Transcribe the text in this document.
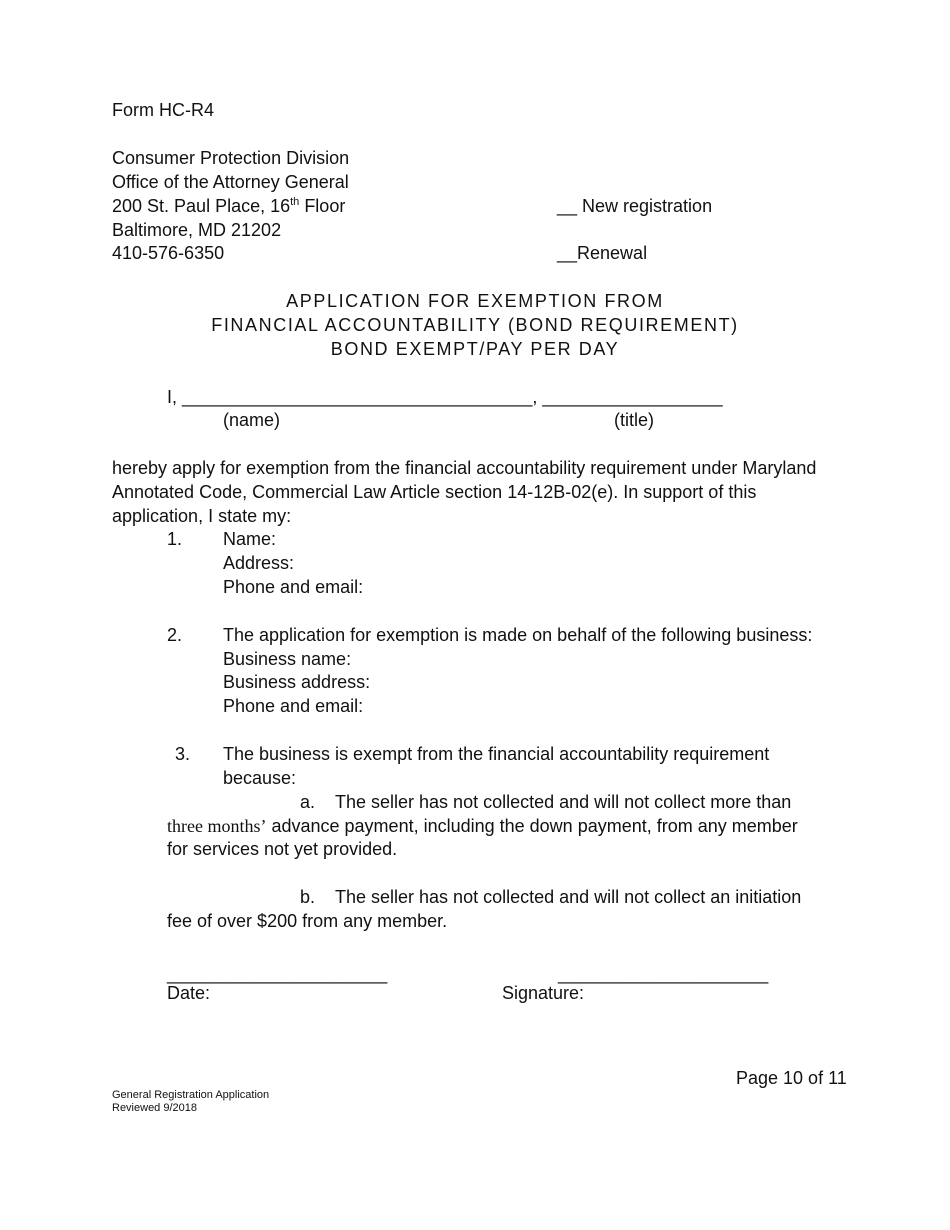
Form HC-R4
Consumer Protection Division
Office of the Attorney General
200 St. Paul Place, 16th Floor
Baltimore, MD 21202
410-576-6350
__ New registration
__Renewal
APPLICATION FOR EXEMPTION FROM
FINANCIAL ACCOUNTABILITY (BOND REQUIREMENT)
BOND EXEMPT/PAY PER DAY
I, ___________________________________, __________________
(name)	(title)
hereby apply for exemption from the financial accountability requirement under Maryland
Annotated Code, Commercial Law Article section 14-12B-02(e). In support of this
application, I state my:
1. Name:
Address:
Phone and email:
2. The application for exemption is made on behalf of the following business:
Business name:
Business address:
Phone and email:
3. The business is exempt from the financial accountability requirement
because:
a. The seller has not collected and will not collect more than
three months’ advance payment, including the down payment, from any member
for services not yet provided.
b. The seller has not collected and will not collect an initiation
fee of over $200 from any member.
______________________	_____________________
Date:	Signature:
Page 10 of 11
General Registration Application
Reviewed 9/2018
